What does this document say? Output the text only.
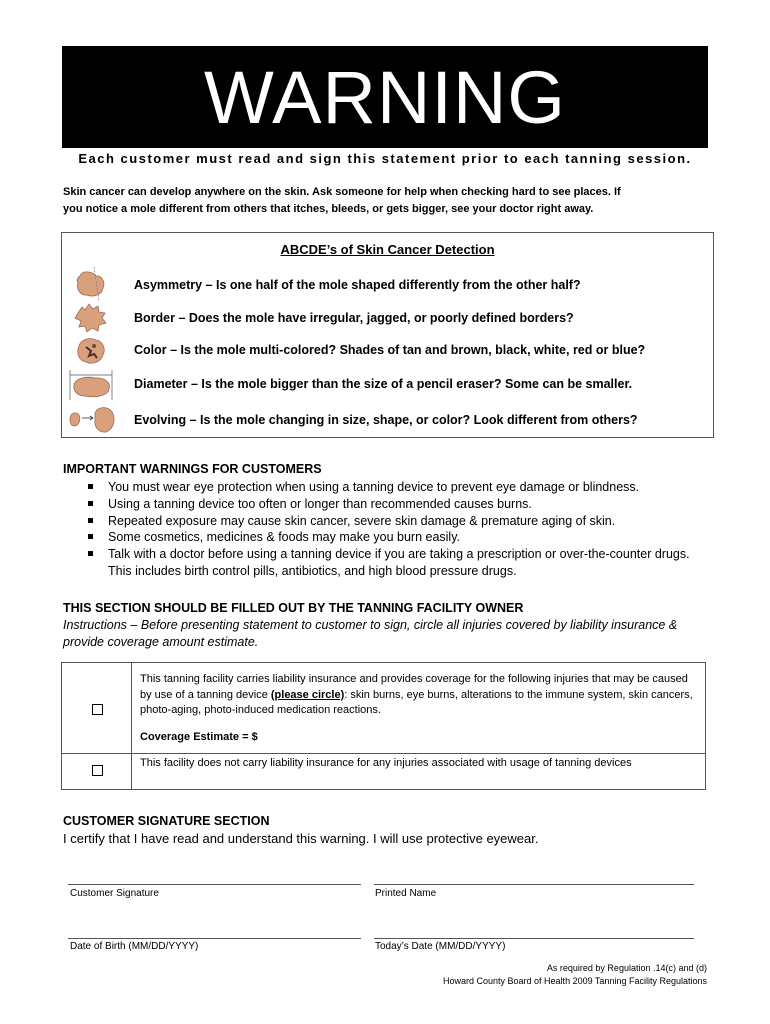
WARNING
Each customer must read and sign this statement prior to each tanning session.
Skin cancer can develop anywhere on the skin. Ask someone for help when checking hard to see places. If
you notice a mole different from others that itches, bleeds, or gets bigger, see your doctor right away.
ABCDE’s of Skin Cancer Detection
Asymmetry – Is one half of the mole shaped differently from the other half?
Border – Does the mole have irregular, jagged, or poorly defined borders?
Color – Is the mole multi-colored? Shades of tan and brown, black, white, red or blue?
Diameter – Is the mole bigger than the size of a pencil eraser? Some can be smaller.
Evolving – Is the mole changing in size, shape, or color? Look different from others?
IMPORTANT WARNINGS FOR CUSTOMERS
You must wear eye protection when using a tanning device to prevent eye damage or blindness.
Using a tanning device too often or longer than recommended causes burns.
Repeated exposure may cause skin cancer, severe skin damage & premature aging of skin.
Some cosmetics, medicines & foods may make you burn easily.
Talk with a doctor before using a tanning device if you are taking a prescription or over-the-counter drugs. This includes birth control pills, antibiotics, and high blood pressure drugs.
THIS SECTION SHOULD BE FILLED OUT BY THE TANNING FACILITY OWNER
Instructions – Before presenting statement to customer to sign, circle all injuries covered by liability insurance & provide coverage amount estimate.
This tanning facility carries liability insurance and provides coverage for the following injuries that may be caused by use of a tanning device (please circle): skin burns, eye burns, alterations to the immune system, skin cancers, photo-aging, photo-induced medication reactions.
Coverage Estimate = $
This facility does not carry liability insurance for any injuries associated with usage of tanning devices
CUSTOMER SIGNATURE SECTION
I certify that I have read and understand this warning. I will use protective eyewear.
Customer Signature	Printed Name
Date of Birth (MM/DD/YYYY)	Today’s Date (MM/DD/YYYY)
As required by Regulation .14(c) and (d)
Howard County Board of Health 2009 Tanning Facility Regulations
